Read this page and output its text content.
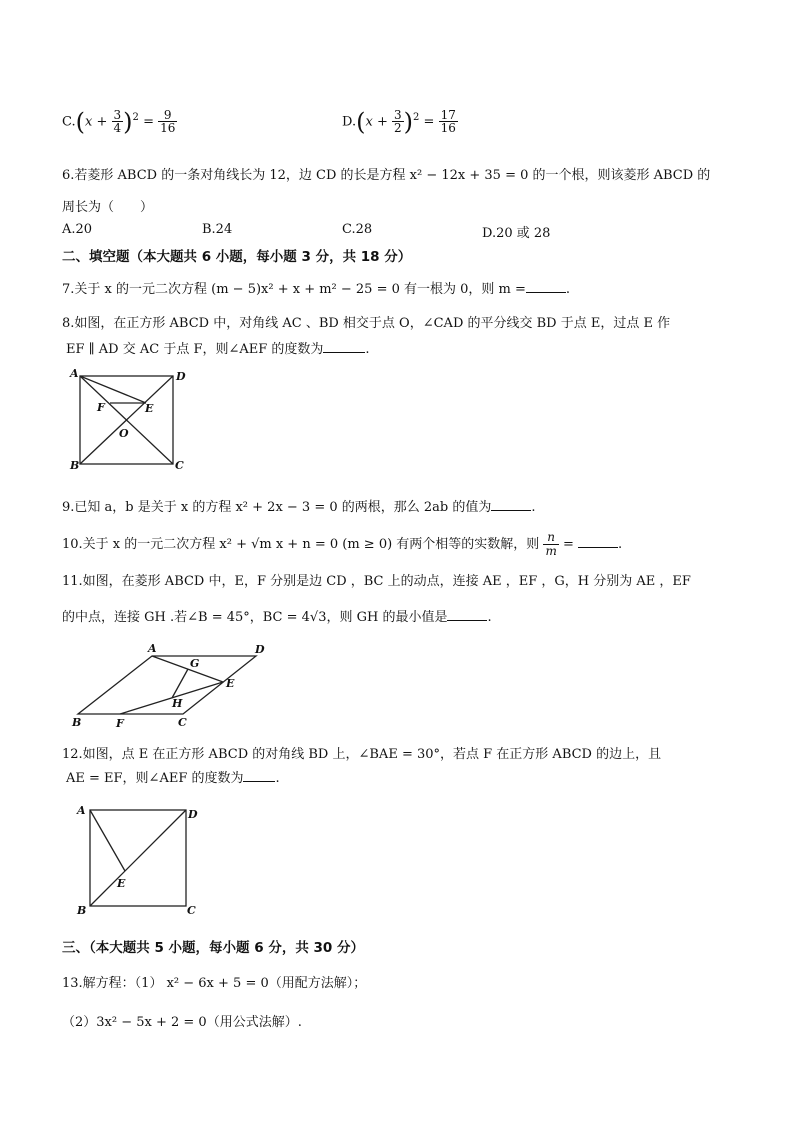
$C.(x + \frac{3}{4} )^2 = \frac{9}{16}$	$D.(x + \frac{3}{2} )^2 = \frac{17}{16}$
6.若菱形 ABCD 的一条对角线长为 12，边 CD 的长是方程 x² − 12x + 35 = 0 的一个根，则该菱形 ABCD 的
周长为（　　）
A.20	B.24	C.28	D.20 或 28
二、填空题（本大题共 6 小题，每小题 3 分，共 18 分）
7.关于 x 的一元二次方程 (m − 5)x² + x + m² − 25 = 0 有一根为 0，则 m =	.
8.如图，在正方形 ABCD 中，对角线 AC 、BD 相交于点 O，∠CAD 的平分线交 BD 于点 E，过点 E 作
EF ∥ AD 交 AC 于点 F，则∠AEF 的度数为	.
A	D
B	C
F	E
O
9.已知 a，b 是关于 x 的方程 x² + 2x − 3 = 0 的两根，那么 2ab 的值为	.
10.关于 x 的一元二次方程 x² + √m x + n = 0 (m ≥ 0) 有两个相等的实数解，则 $\frac{n}{m}$ =	.
11.如图，在菱形 ABCD 中，E，F 分别是边 CD ，BC 上的动点，连接 AE ，EF ，G，H 分别为 AE ，EF
的中点，连接 GH .若∠B = 45°，BC = 4√3，则 GH 的最小值是	.
A	D
B	C
F
E
G
H
12.如图，点 E 在正方形 ABCD 的对角线 BD 上，∠BAE = 30°，若点 F 在正方形 ABCD 的边上，且
AE = EF，则∠AEF 的度数为 .
A	D
B	C
E
三、（本大题共 5 小题，每小题 6 分，共 30 分）
13.解方程：（1） x² − 6x + 5 = 0（用配方法解）；
（2）3x² − 5x + 2 = 0（用公式法解）.
